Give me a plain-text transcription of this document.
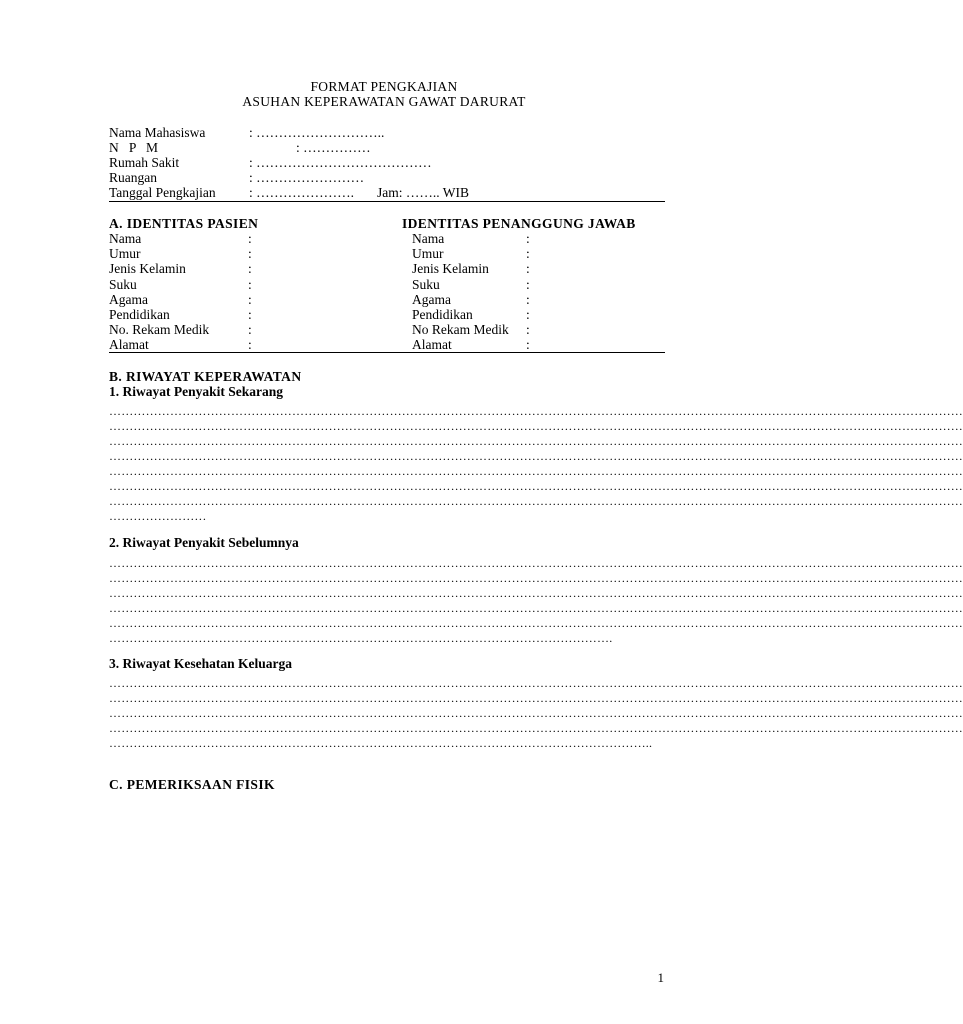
FORMAT PENGKAJIAN
ASUHAN KEPERAWATAN GAWAT DARURAT
Nama Mahasiswa	: ………………………..
N   P   M	: ……………
Rumah Sakit	: …………………………………
Ruangan	: ……………………
Tanggal Pengkajian : …………………. Jam: …….. WIB
A. IDENTITAS PASIEN	IDENTITAS PENANGGUNG JAWAB
Nama	:	Nama	:
Umur	:	Umur	:
Jenis Kelamin	:	Jenis Kelamin	:
Suku	:	Suku	:
Agama	:	Agama	:
Pendidikan	:	Pendidikan	:
No. Rekam Medik	:	No Rekam Medik :
Alamat	:	Alamat	:
B. RIWAYAT KEPERAWATAN
1. Riwayat Penyakit Sekarang
…………………………………………………………………………………………………………………………………………………………………………………………
…………………………………………………………………………………………………………………………………………………………………………………………
…………………………………………………………………………………………………………………………………………………………………………………………
…………………………………………………………………………………………………………………………………………………………………………………………
…………………………………………………………………………………………………………………………………………………………………………………………
…………………………………………………………………………………………………………………………………………………………………………………………
…………………………………………………………………………………………………………………………………………………………………………………………
……………………
2. Riwayat Penyakit Sebelumnya
…………………………………………………………………………………………………………………………………………………………………………………………
…………………………………………………………………………………………………………………………………………………………………………………………
…………………………………………………………………………………………………………………………………………………………………………………………
…………………………………………………………………………………………………………………………………………………………………………………………
…………………………………………………………………………………………………………………………………………………………………………………………
…………………………………………………………………………………………………………….
3. Riwayat Kesehatan Keluarga
…………………………………………………………………………………………………………………………………………………………………………………………
…………………………………………………………………………………………………………………………………………………………………………………………
…………………………………………………………………………………………………………………………………………………………………………………………
…………………………………………………………………………………………………………………………………………………………………………………………
……………………………………………………………………………………………………………………..
C. PEMERIKSAAN FISIK
1
